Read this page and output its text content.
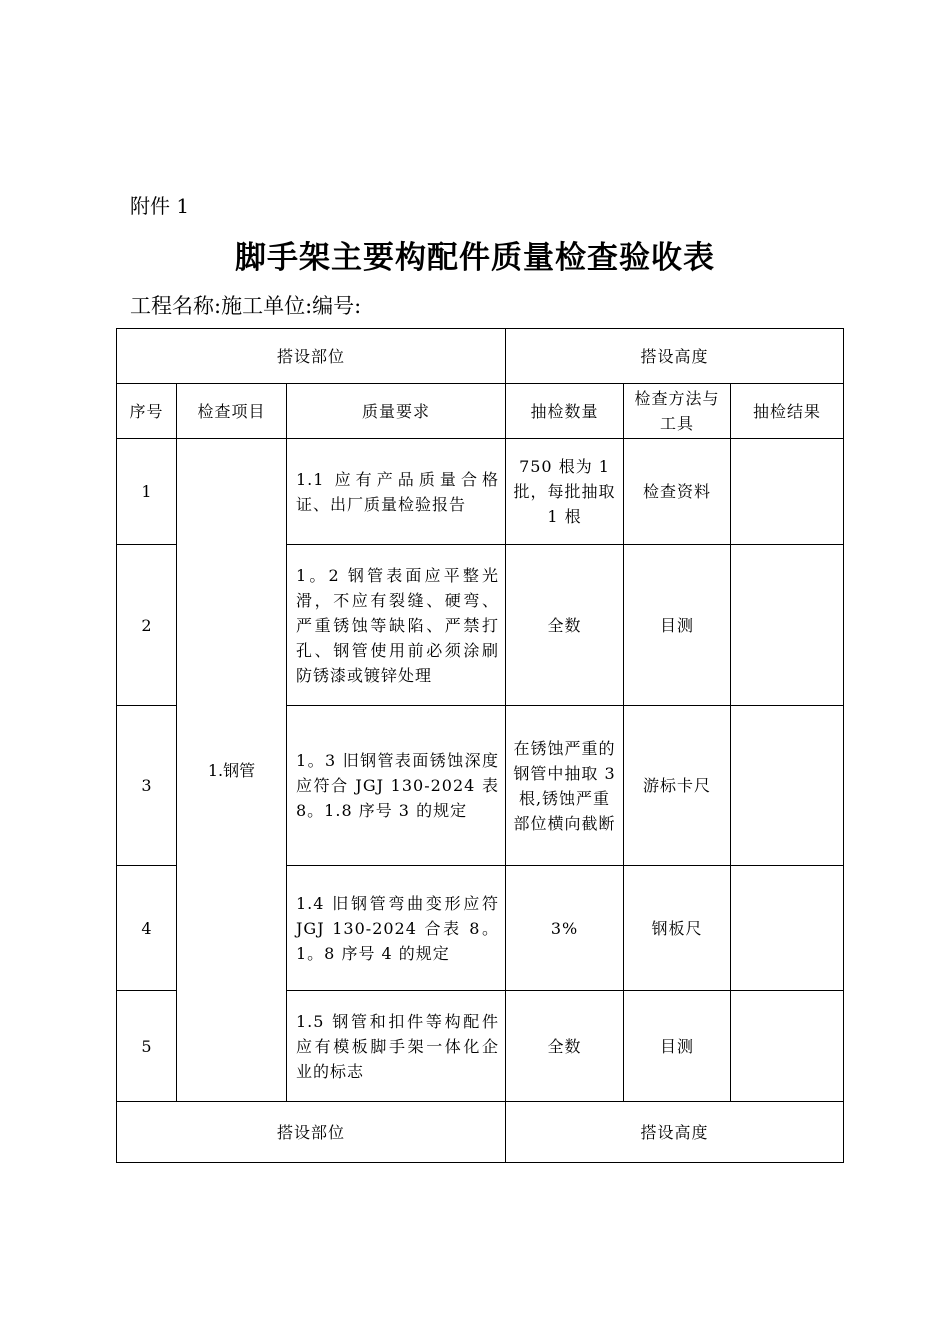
附件 1
脚手架主要构配件质量检查验收表
工程名称:施工单位:编号:
搭设部位			搭设高度		
序号	检查项目	质量要求	抽检数量	检查方法与工具	抽检结果
1	1.钢管	1.1 应有产品质量合格证、出厂质量检验报告	750 根为 1 批，每批抽取 1 根	检查资料	
2		1。2 钢管表面应平整光滑，不应有裂缝、硬弯、严重锈蚀等缺陷、严禁打孔、钢管使用前必须涂刷防锈漆或镀锌处理	全数	目测	
3		1。3 旧钢管表面锈蚀深度应符合 JGJ 130-2024 表 8。1.8 序号 3 的规定	在锈蚀严重的钢管中抽取 3 根,锈蚀严重部位横向截断	游标卡尺	
4		1.4 旧钢管弯曲变形应符 JGJ 130-2024 合表 8。1。8 序号 4 的规定	3%	钢板尺	
5		1.5 钢管和扣件等构配件应有模板脚手架一体化企业的标志	全数	目测	
搭设部位			搭设高度		
